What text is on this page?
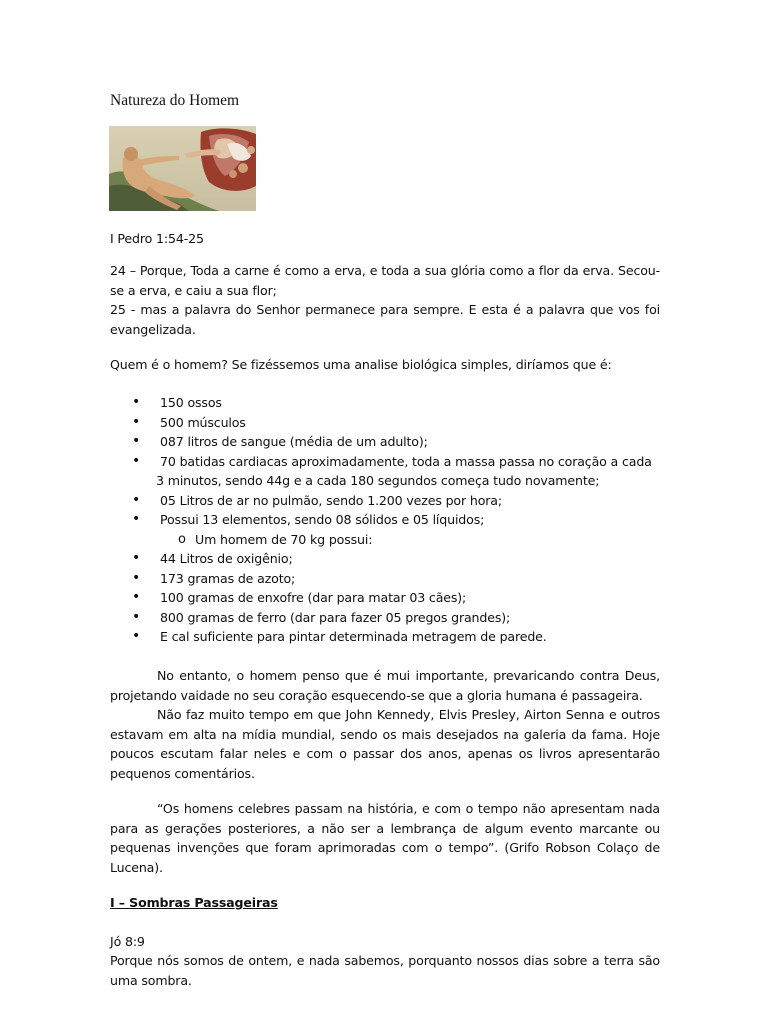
Natureza do Homem
I Pedro 1:54-25
24 – Porque, Toda a carne é como a erva, e toda a sua glória como a flor da erva. Secou-se a erva, e caiu a sua flor;
25 - mas a palavra do Senhor permanece para sempre. E esta é a palavra que vos foi evangelizada.
Quem é o homem? Se fizéssemos uma analise biológica simples, diríamos que é:
• 150 ossos
• 500 músculos
• 087 litros de sangue (média de um adulto);
• 70 batidas cardiacas aproximadamente, toda a massa passa no coração a cada
3 minutos, sendo 44g e a cada 180 segundos começa tudo novamente;
• 05 Litros de ar no pulmão, sendo 1.200 vezes por hora;
• Possui 13 elementos, sendo 08 sólidos e 05 líquidos;
o Um homem de 70 kg possui:
• 44 Litros de oxigênio;
• 173 gramas de azoto;
• 100 gramas de enxofre (dar para matar 03 cães);
• 800 gramas de ferro (dar para fazer 05 pregos grandes);
• E cal suficiente para pintar determinada metragem de parede.
No entanto, o homem penso que é mui importante, prevaricando contra Deus, projetando vaidade no seu coração esquecendo-se que a gloria humana é passageira.
Não faz muito tempo em que John Kennedy, Elvis Presley, Airton Senna e outros estavam em alta na mídia mundial, sendo os mais desejados na galeria da fama. Hoje poucos escutam falar neles e com o passar dos anos, apenas os livros apresentarão pequenos comentários.
“Os homens celebres passam na história, e com o tempo não apresentam nada para as gerações posteriores, a não ser a lembrança de algum evento marcante ou pequenas invenções que foram aprimoradas com o tempo”. (Grifo Robson Colaço de Lucena).
I – Sombras Passageiras
Jó 8:9
Porque nós somos de ontem, e nada sabemos, porquanto nossos dias sobre a terra são uma sombra.
